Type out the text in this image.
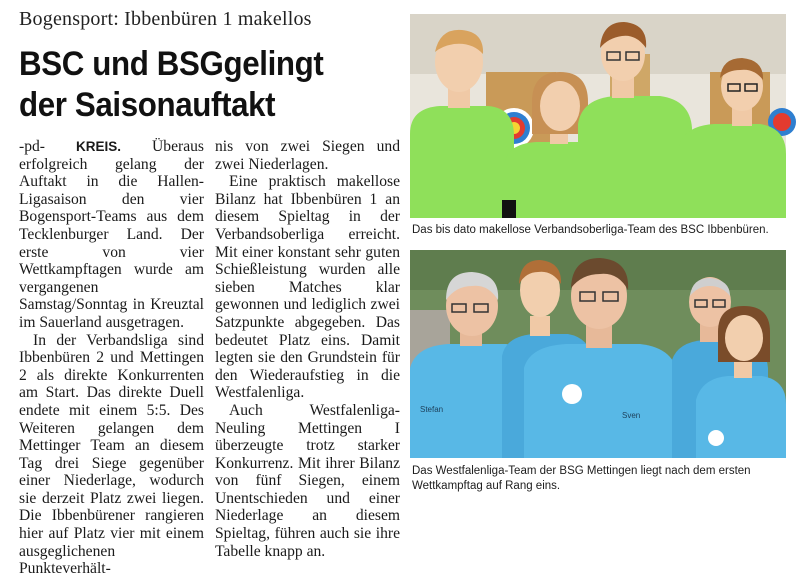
Bogensport: Ibbenbüren 1 makellos
BSC und BSGgelingt
der Saisonauftakt

-pd- KREIS. Überaus erfolgreich gelang der Auftakt in die Hallen-Ligasaison den vier Bogensport-Teams aus dem Tecklenburger Land. Der erste von vier Wettkampftagen wurde am vergangenen Samstag/Sonntag in Kreuztal im Sauerland ausgetragen.

In der Verbandsliga sind Ibbenbüren 2 und Mettingen 2 als direkte Konkurrenten am Start. Das direkte Duell endete mit einem 5:5. Des Weiteren gelangen dem Mettinger Team an diesem Tag drei Siege gegenüber einer Niederlage, wodurch sie derzeit Platz zwei liegen. Die Ibbenbürener rangieren hier auf Platz vier mit einem ausgeglichenen Punkteverhält-

nis von zwei Siegen und zwei Niederlagen.

Eine praktisch makellose Bilanz hat Ibbenbüren 1 an diesem Spieltag in der Verbandsoberliga erreicht. Mit einer konstant sehr guten Schießleistung wurden alle sieben Matches klar gewonnen und lediglich zwei Satzpunkte abgegeben. Das bedeutet Platz eins. Damit legten sie den Grundstein für den Wiederaufstieg in die Westfalenliga.

Auch Westfalenliga-Neuling Mettingen I überzeugte trotz starker Konkurrenz. Mit ihrer Bilanz von fünf Siegen, einem Unentschieden und einer Niederlage an diesem Spieltag, führen auch sie ihre Tabelle knapp an.

Das bis dato makellose Verbandsoberliga-Team des BSC Ibbenbüren.
Stefan
Sven
Das Westfalenliga-Team der BSG Mettingen liegt nach dem ersten
Wettkampftag auf Rang eins.
